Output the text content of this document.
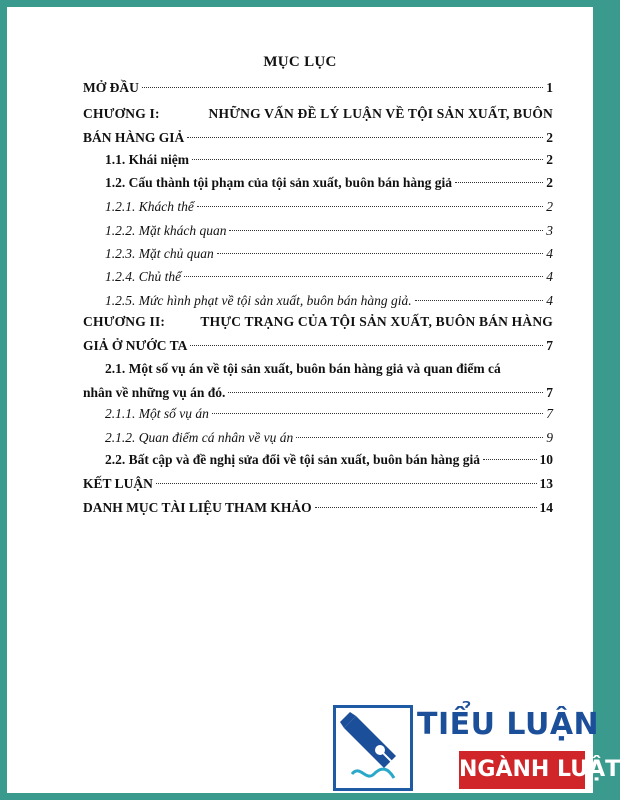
MỤC LỤC
MỞ ĐẦU	1
CHƯƠNG I:	NHỮNG VẤN ĐỀ LÝ LUẬN VỀ TỘI SẢN XUẤT, BUÔN
BÁN HÀNG GIẢ	2
1.1. Khái niệm	2
1.2. Cấu thành tội phạm của tội sản xuất, buôn bán hàng giả	2
1.2.1. Khách thể	2
1.2.2. Mặt khách quan	3
1.2.3. Mặt chủ quan	4
1.2.4. Chủ thể	4
1.2.5. Mức hình phạt về tội sản xuất, buôn bán hàng giả.	4
CHƯƠNG II:	THỰC TRẠNG CỦA TỘI SẢN XUẤT, BUÔN BÁN HÀNG
GIẢ Ở NƯỚC TA	7
2.1. Một số vụ án về tội sản xuất, buôn bán hàng giả và quan điểm cá
nhân về những vụ án đó.	7
2.1.1. Một số vụ án	7
2.1.2. Quan điểm cá nhân về vụ án	9
2.2. Bất cập và đề nghị sửa đổi về tội sản xuất, buôn bán hàng giả	10
KẾT LUẬN	13
DANH MỤC TÀI LIỆU THAM KHẢO	14
TIỂU LUẬN
NGÀNH LUẬT
